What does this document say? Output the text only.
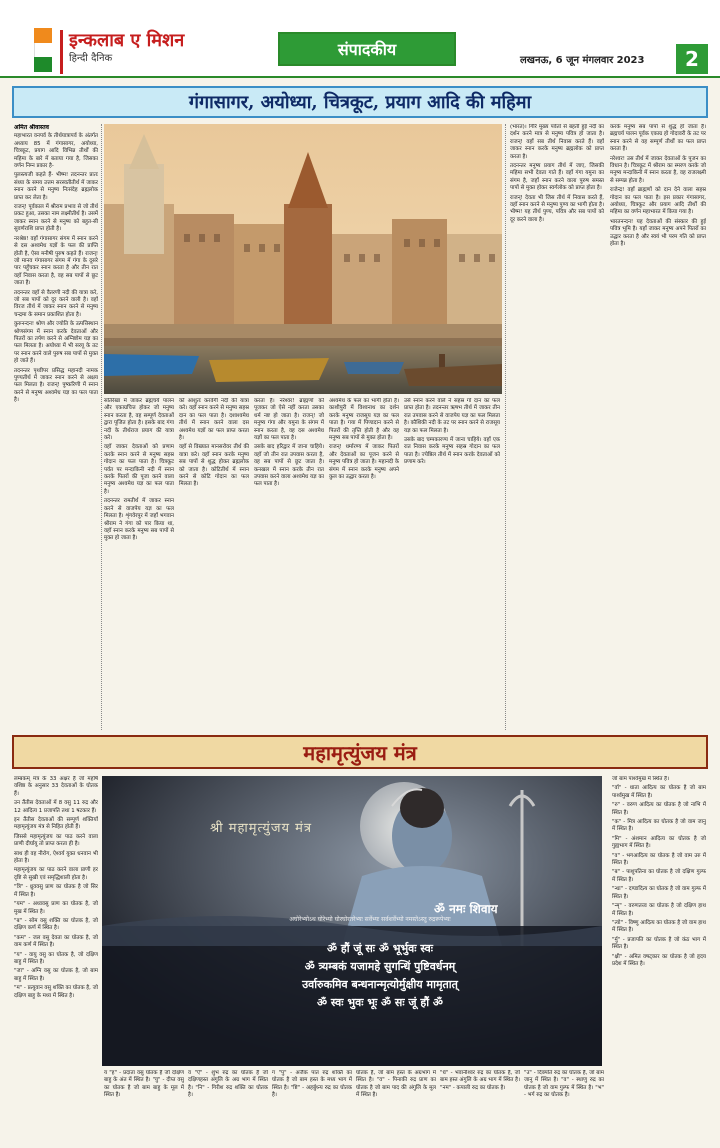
इन्कलाब ए मिशन
हिन्दी दैनिक	संपादकीय
लखनऊ, 6 जून मंगलवार 2023	2
गंगासागर, अयोध्या, चित्रकूट, प्रयाग आदि की महिमा
अमित श्रीवास्तव

महाभारत वनपर्व के तीर्थयात्रापर्व के अंतर्गत अध्याय 85 में गंगासागर, अयोध्या, चित्रकूट, प्रयाग आदि विभिन्न तीर्थों की महिमा के बारे में बताया गया है, जिसका वर्णन निम्न प्रकार है-

पुलस्त्यजी कहते हैं- भीष्म! तदनन्तर प्रातः संध्या के समय उत्तम सरस्वतीतीर्थ में जाकर स्नान करने से मनुष्य निःसंदेह ब्रह्मलोक प्राप्त कर लेता है।

राजन्! पूर्वकाल में श्रीराम प्रभाव से जो तीर्थ प्रकट हुआ, उसका नाम लक्ष्मीतीर्थ है। उसमें जाकर स्नान करने से मनुष्य को बहुत-सी सुवर्णराशि प्राप्त होती है।

नरश्रेष्ठ! वहाँ गंगासागर संगम में स्नान करने से दस अश्वमेध यज्ञों के फल की प्राप्ति होती है, ऐसा मनीषी पुरुष कहते हैं। राजन्! जो मानव गंगासागर संगम में गंगा के दूसरे पार पहुँचकर स्नान करता है और तीन रात वहाँ निवास करता है, वह सब पापों से छूट जाता है।

तदनन्तर वहाँ से वैतरणी नदी की यात्रा करे, जो सब पापों को दूर करने वाली है। वहाँ विरज तीर्थ में जाकर स्नान करने से मनुष्य चन्द्रमा के समान प्रकाशित होता है।

कुरुनन्दन! श्रोण और ज्योति के उत्पत्तिस्थान श्रोणसंगम में स्नान करके देवताओं और पितरों का तर्पण करने से अग्निष्टोम यज्ञ का फल मिलता है। अयोध्या में भी सरयू के तट पर स्नान करने वाले पुरुष सब पापों से मुक्त हो जाते हैं।

तदनन्तर पृथ्वीपर प्रसिद्ध महानदी नामक पुण्यतीर्थ में जाकर स्नान करने से अक्षय फल मिलता है। राजन्! पुष्करिणी में स्नान करने से मनुष्य अश्वमेध यज्ञ का फल पाता है।	सतिरेखा में जाकर ब्रह्मचर्य पालन और एकाग्रचित्त होकर जो मनुष्य स्नान करता है, वह सम्पूर्ण देवताओं द्वारा पूजित होता है। इसके बाद गंगा नदी के तीर्थराज प्रयाग की यात्रा करे।

वहाँ जाकर देवताओं को प्रणाम करके स्नान करने से मनुष्य सहस्र गोदान का फल पाता है। चित्रकूट पर्वत पर मन्दाकिनी नदी में स्नान करके पितरों की पूजा करने वाला मनुष्य अश्वमेध यज्ञ का फल पाता है।

तदनन्तर रामतीर्थ में जाकर स्नान करने से वाजपेय यज्ञ का फल मिलता है। शृंगवेरपुर में जहाँ भगवान श्रीराम ने गंगा को पार किया था, वहाँ स्नान करके मनुष्य सब पापों से मुक्त हो जाता है।

को आशुतः करवेगी नदी की यात्रा करे। वहाँ स्नान करने से मनुष्य सहस्र दान का फल पाता है। दशाश्वमेध तीर्थ में स्नान करने वाला दस अश्वमेध यज्ञों का फल प्राप्त करता है।

वहाँ से विख्यात मानसरोवर तीर्थ की यात्रा करे। वहाँ स्नान करके मनुष्य सब पापों से शुद्ध होकर ब्रह्मलोक को जाता है। कोटितीर्थ में स्नान करने से कोटि गोदान का फल मिलता है।

करता है। नरेश्वर! ब्राह्मणों को पूजकर जो ऐसे नहीं करता उसका धर्म नष्ट हो जाता है। राजन्! जो मनुष्य गंगा और यमुना के संगम में स्नान करता है, वह दस अश्वमेध यज्ञों का फल पाता है।

उसके बाद हरिद्वार में जाना चाहिये। वहाँ जो तीन रात उपवास करता है, वह सब पापों से छूट जाता है। कनखल में स्नान करके तीन रात उपवास करने वाला अश्वमेध यज्ञ का फल पाता है।

अश्वमेध के फल का भागी होता है। काशीपुरी में विश्वनाथ का दर्शन करके मनुष्य राजसूय यज्ञ का फल पाता है। गया में पिण्डदान करने से पितरों की तृप्ति होती है और वह मनुष्य सब पापों से मुक्त होता है।

राजन्! धर्मारण्य में जाकर पितरों और देवताओं का पूजन करने से मनुष्य पवित्र हो जाता है। महानदी के संगम में स्नान करके मनुष्य अपने कुल का उद्धार करता है।

उसे स्नान करने वाले ने सहस्र गो दान का फल प्राप्त होता है। तदनन्तर ऋषभ तीर्थ में जाकर तीन रात उपवास करने से वाजपेय यज्ञ का फल मिलता है। कौशिकी नदी के तट पर स्नान करने से राजसूय यज्ञ का फल मिलता है।

उसके बाद चम्पकारण्य में जाना चाहिये। वहाँ एक रात निवास करके मनुष्य सहस्र गोदान का फल पाता है। ज्येष्ठिल तीर्थ में स्नान करके देवताओं को प्रणाम करे।

(भारत)। गिरि मुख्य पर्वतों से बहती हुई नदी का दर्शन करने मात्र से मनुष्य पवित्र हो जाता है। राजन्! वहाँ सब तीर्थ निवास करते हैं। वहाँ जाकर स्नान करके मनुष्य ब्रह्मलोक को प्राप्त करता है।

तदनन्तर मनुष्य प्रयाग तीर्थ में जाए, जिसकी महिमा सभी देवता गाते हैं। वहाँ गंगा यमुना का संगम है, जहाँ स्नान करने वाला पुरुष समस्त पापों से मुक्त होकर स्वर्गलोक को प्राप्त होता है।

राजन्! देवता भी जिस तीर्थ में निवास करते हैं, वहाँ स्नान करने से मनुष्य पुण्य का भागी होता है। भीष्म! यह तीर्थ पुण्य, पवित्र और सब पापों को दूर करने वाला है।

करके मनुष्य सब पापों से शुद्ध हो जाता है। ब्रह्मचर्य पालन पूर्वक एकाग्र हो गोदावरी के तट पर स्नान करने से वह सम्पूर्ण तीर्थों का फल प्राप्त करता है।

नरेश्वर! उस तीर्थ में जाकर देवताओं के पूजन का विधान है। चित्रकूट में श्रीराम का स्मरण करके जो मनुष्य मन्दाकिनी में स्नान करता है, वह राजलक्ष्मी से सम्पन्न होता है।

राजेन्द्र! वहाँ ब्राह्मणों को दान देने वाला सहस्र गोदान का फल पाता है। इस प्रकार गंगासागर, अयोध्या, चित्रकूट और प्रयाग आदि तीर्थों की महिमा का वर्णन महाभारत में किया गया है।

भारतनन्दन! यह देवताओं की संस्कार की हुई पवित्र भूमि है। यहाँ जाकर मनुष्य अपने पितरों का उद्धार करता है और स्वयं भी परम गति को प्राप्त होता है।

महामृत्युंजय मंत्र

लम्बकम् मंत्र के 33 अक्षर हैं जो महर्षि वशिष्ठ के अनुसार 33 देवताओं के घोतक हैं।

उन तैंतीस देवताओं में 8 वसु 11 रुद्र और 12 आदित्य 1 प्रजापति तथा 1 षटकार हैं।

इन तैंतीस देवताओं की सम्पूर्ण शक्तियाँ महामृत्युंजय मंत्र से निहित होती हैं।

जिससे महामृत्युंजय का पाठ करने वाला प्राणी दीर्घायु तो प्राप्त करता ही है।

साथ ही वह नीरोग, ऐश्वर्य युक्त धनवान भी होता है।

महामृत्युंजय का पाठ करने वाला प्राणी हर दृष्टि से सुखी एवं समृद्धिशाली होता है।

"त्रि" - ध्रुववसु प्राण का घोतक है जो सिर में स्थित है।

"यम" - अध्ववसु प्राण का घोतक है, जो मुख में स्थित है।

"ब" - सोम वसु शक्ति का घोतक है, जो दक्षिण कर्ण में स्थित है।

"कम" - जल वसु देवता का घोतक है, जो वाम कर्ण में स्थित है।

"य" - वायु वसु का घोतक है, जो दक्षिण बाहु में स्थित है।

"जा" - अग्नि वसु का घोतक है, जो बाम बाहु में स्थित है।

"म" - प्रत्युवान वसु शक्ति का घोतक है, जो दक्षिण बाहु के मध्य में स्थित है।

श्री महामृत्युंजय मंत्र
ॐ नमः शिवाय
अघोरेभ्योऽथ घोरेभ्यो घोरघोरतरेभ्यः सर्वेभ्यः सर्वशर्वेभ्यो नमस्तेऽस्तु रुद्ररूपेभ्यः
ॐ हौं जूं सः ॐ भूर्भुवः स्वः
ॐ त्र्यम्बकं यजामहे सुगन्धिं पुष्टिवर्धनम्
उर्वारुकमिव बन्धनान्मृत्योर्मुक्षीय मामृतात्
ॐ स्वः भुवः भूः ॐ सः जूं हौं ॐ

जो बाम पार्श्वमुख में स्थित है।

"र्वा" - धाता आदित्य का घोतक है जो बाम पार्श्वमुख में स्थित है।

"रु" - वरुण आदित्य का घोतक है जो नाभि में स्थित है।

"क" - मित्र आदित्य का घोतक है जो वाम जानु में स्थित है।

"मि" - अंशमान आदित्य का घोतक है जो गुह्यभाग में स्थित है।

"व" - भगआदित्य का घोतक है जो वाम उरु में स्थित है।

"ब" - पाशुपतिना का घोतक है जो दक्षिण गुल्फ में स्थित है।

"न्धा" - दण्डादित्य का घोतक है जो वाम गुल्फ में स्थित है।

"न्मृ" - वरुणतत्त्व का घोतक है जो दक्षिण हाथ में स्थित है।

"त्यो" - विष्णु आदित्य का घोतक है जो वाम हाथ में स्थित है।

"र्मु" - प्रजापति का घोतक है जो कंठ भाग में स्थित है।

"क्षी" - अमित वषट्कार का घोतक है जो हृदय प्रदेश में स्थित है।

य "ह" - प्रदाता वसु घोतक है जो दक्षिण बाहु के अंत में स्थित है। "यु" - दीप्त वसु का घोतक है जो बाम बाहु के मूल में स्थित है।

व "ऐ" - शुभ रुद्र का घोतक है जो दक्षिणहस्त अंगुलि के अग्र भाग में स्थित है। "नि" - गिरीश रुद्र शक्ति का घोतक है।

ग "पु" - अजैक पात रुद्र शक्ति का घोतक है जो बाम हस्त के मध्य भाग में स्थित है। "ष्टि" - अहर्बुध्न्य रुद्र का घोतक है।

घोतक है, जो बाम हस्त के अग्रभाग में स्थित है। "व" - पिनाकी रुद्र प्राण का घोतक है जो बाम पाद की अंगुलि के मूल में स्थित है।

"र्ध" - भवानीश्वर रुद्र का घोतक है, जो बाम हस्त अंगुलि के अग्र भाग में स्थित है। "नम" - कपाली रुद्र का घोतक है।

"उ" - दिक्पति रुद्र का घोतक है, जो बाम जानु में स्थित है। "व" - स्थाणु रुद्र का घोतक है जो वाम गुल्फ में स्थित है। "भ" - भर्ग रुद्र का घोतक है।
